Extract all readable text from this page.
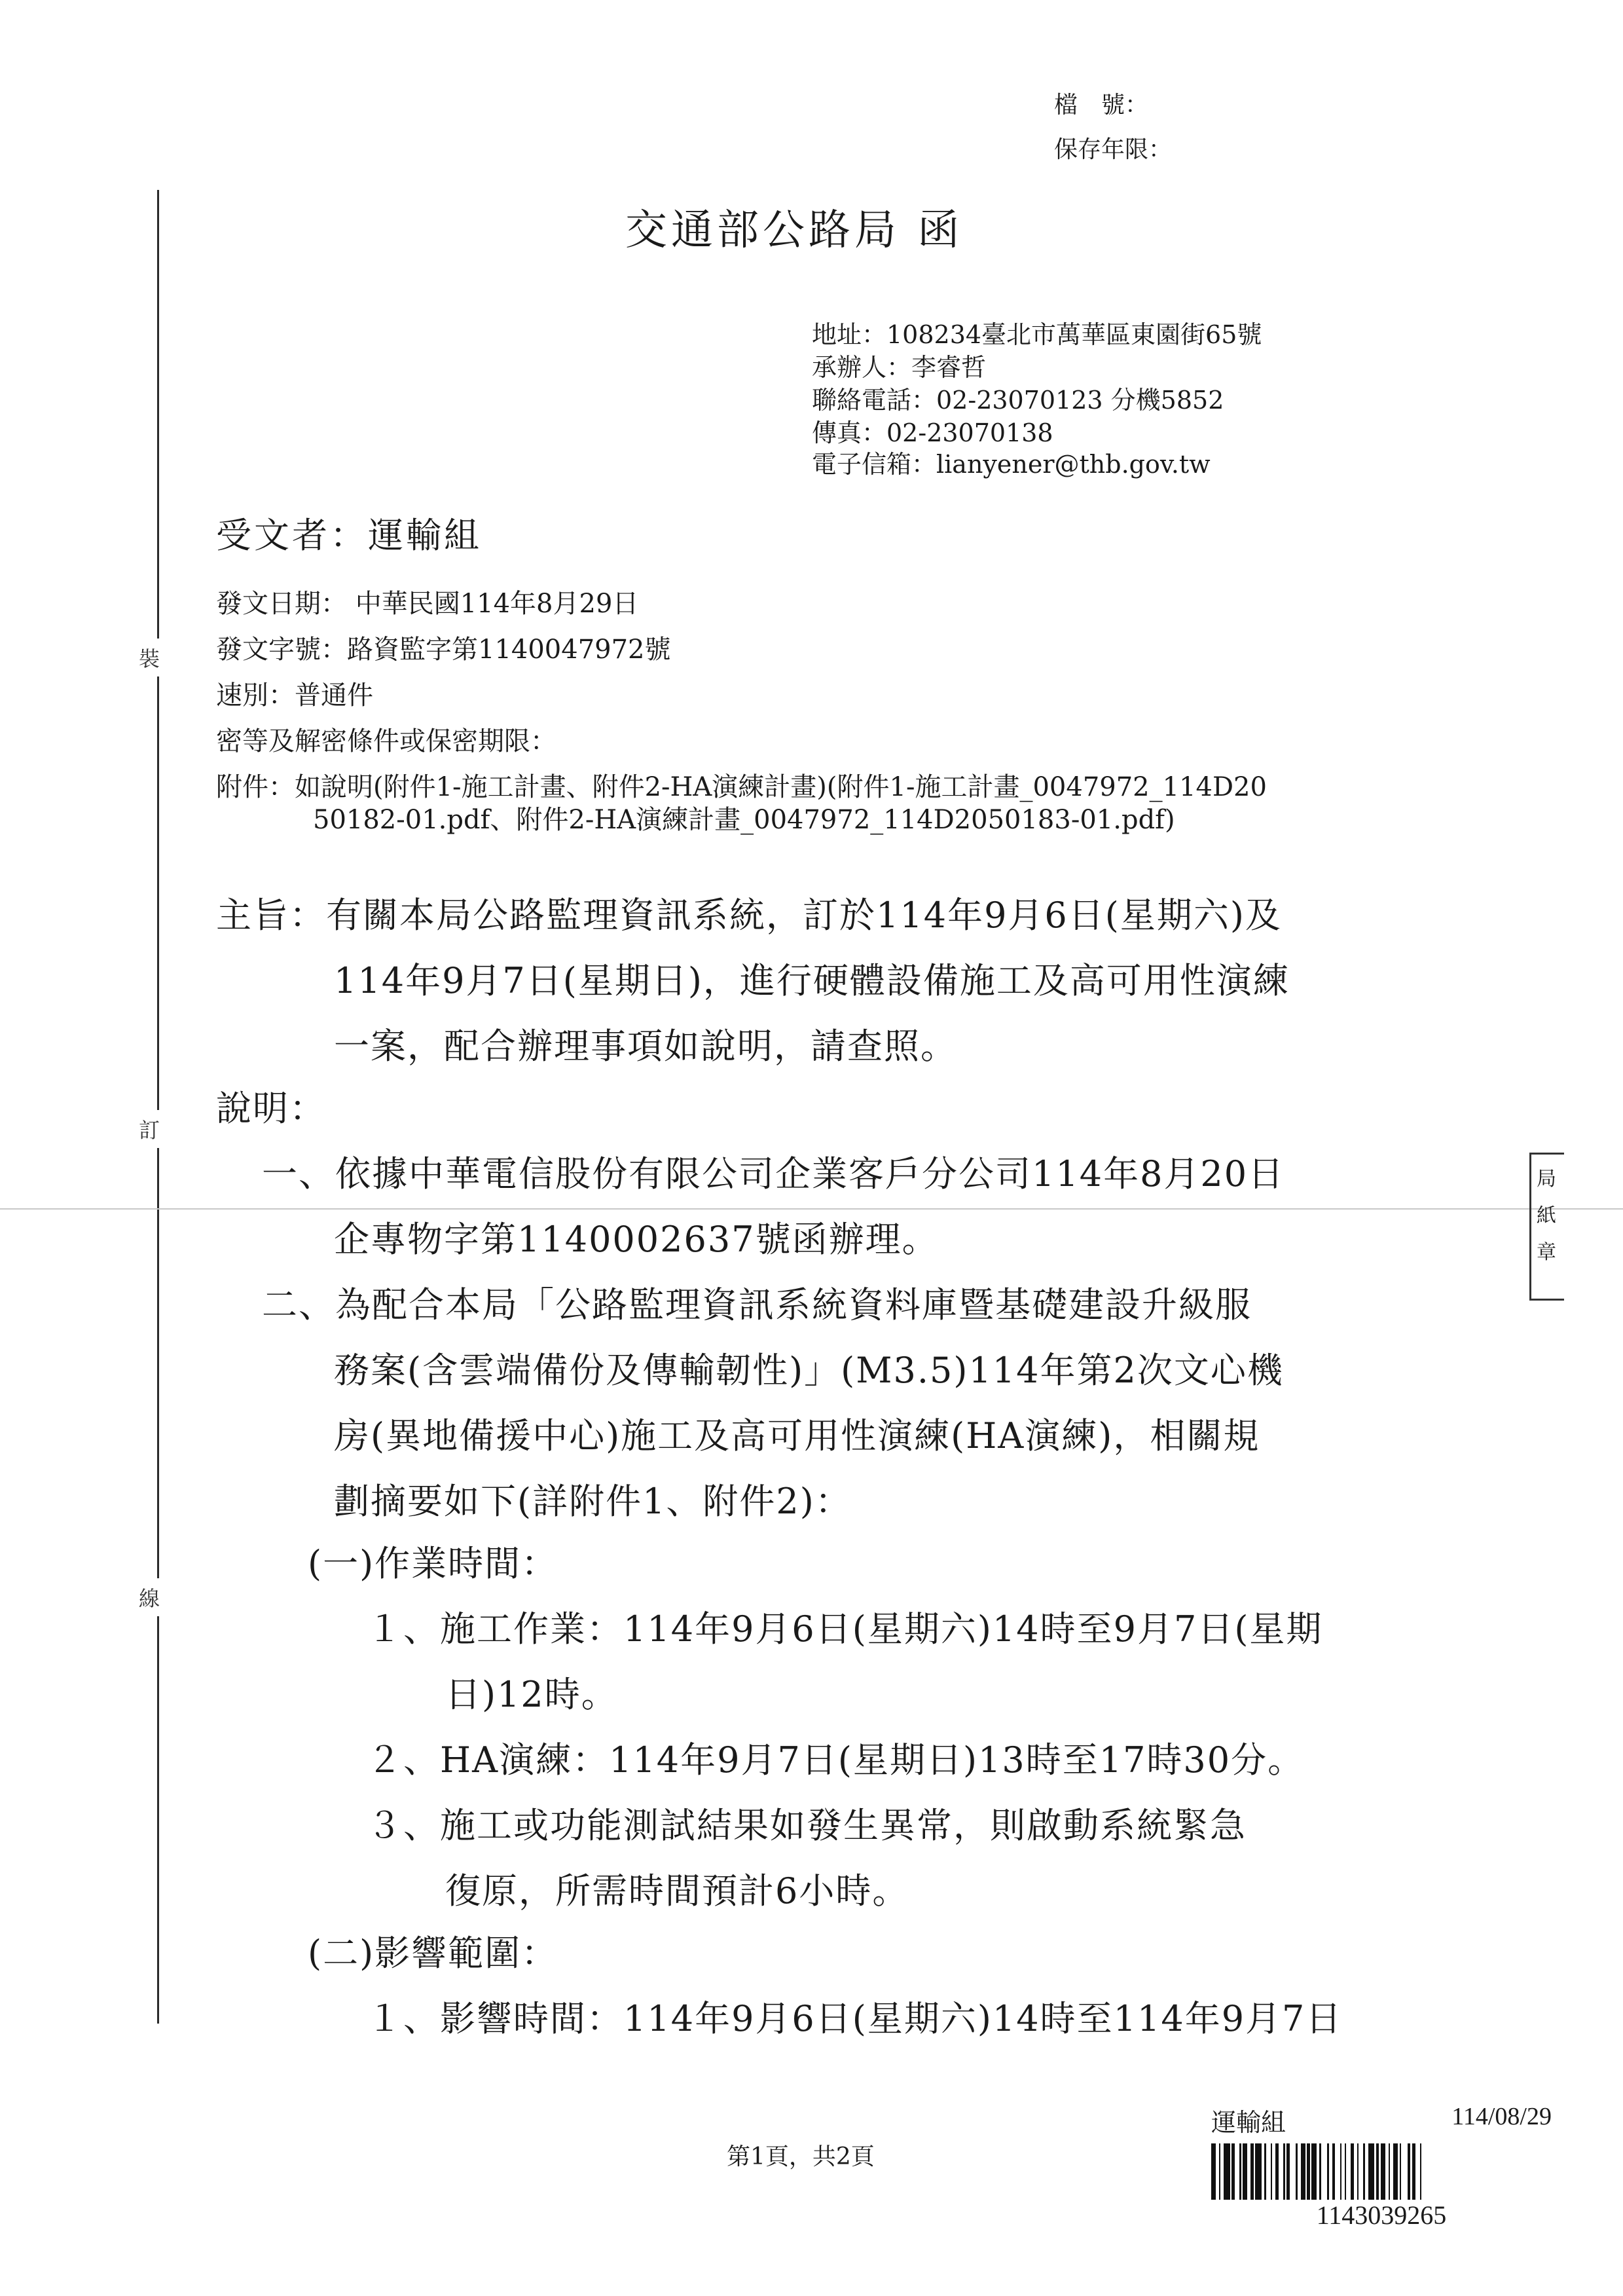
檔　號：
保存年限：
交通部公路局 函
地址：108234臺北市萬華區東園街65號
承辦人：李睿哲
聯絡電話：02-23070123 分機5852
傳真：02-23070138
電子信箱：lianyener@thb.gov.tw
受文者：運輸組
發文日期： 中華民國114年8月29日
發文字號：路資監字第1140047972號
速別：普通件
密等及解密條件或保密期限：
附件：如說明(附件1-施工計畫、附件2-HA演練計畫)(附件1-施工計畫_0047972_114D20
50182-01.pdf、附件2-HA演練計畫_0047972_114D2050183-01.pdf)
主旨：有關本局公路監理資訊系統，訂於114年9月6日(星期六)及
114年9月7日(星期日)，進行硬體設備施工及高可用性演練
一案，配合辦理事項如說明，請查照。
說明：
一、依據中華電信股份有限公司企業客戶分公司114年8月20日
企專物字第1140002637號函辦理。
二、為配合本局「公路監理資訊系統資料庫暨基礎建設升級服
務案(含雲端備份及傳輸韌性)」(M3.5)114年第2次文心機
房(異地備援中心)施工及高可用性演練(HA演練)，相關規
劃摘要如下(詳附件1、附件2)：
(一)作業時間：
１、施工作業：114年9月6日(星期六)14時至9月7日(星期
日)12時。
２、HA演練：114年9月7日(星期日)13時至17時30分。
３、施工或功能測試結果如發生異常，則啟動系統緊急
復原，所需時間預計6小時。
(二)影響範圍：
１、影響時間：114年9月6日(星期六)14時至114年9月7日
裝
訂
線
局
紙
章
第1頁，共2頁
運輸組	114/08/29
1143039265
